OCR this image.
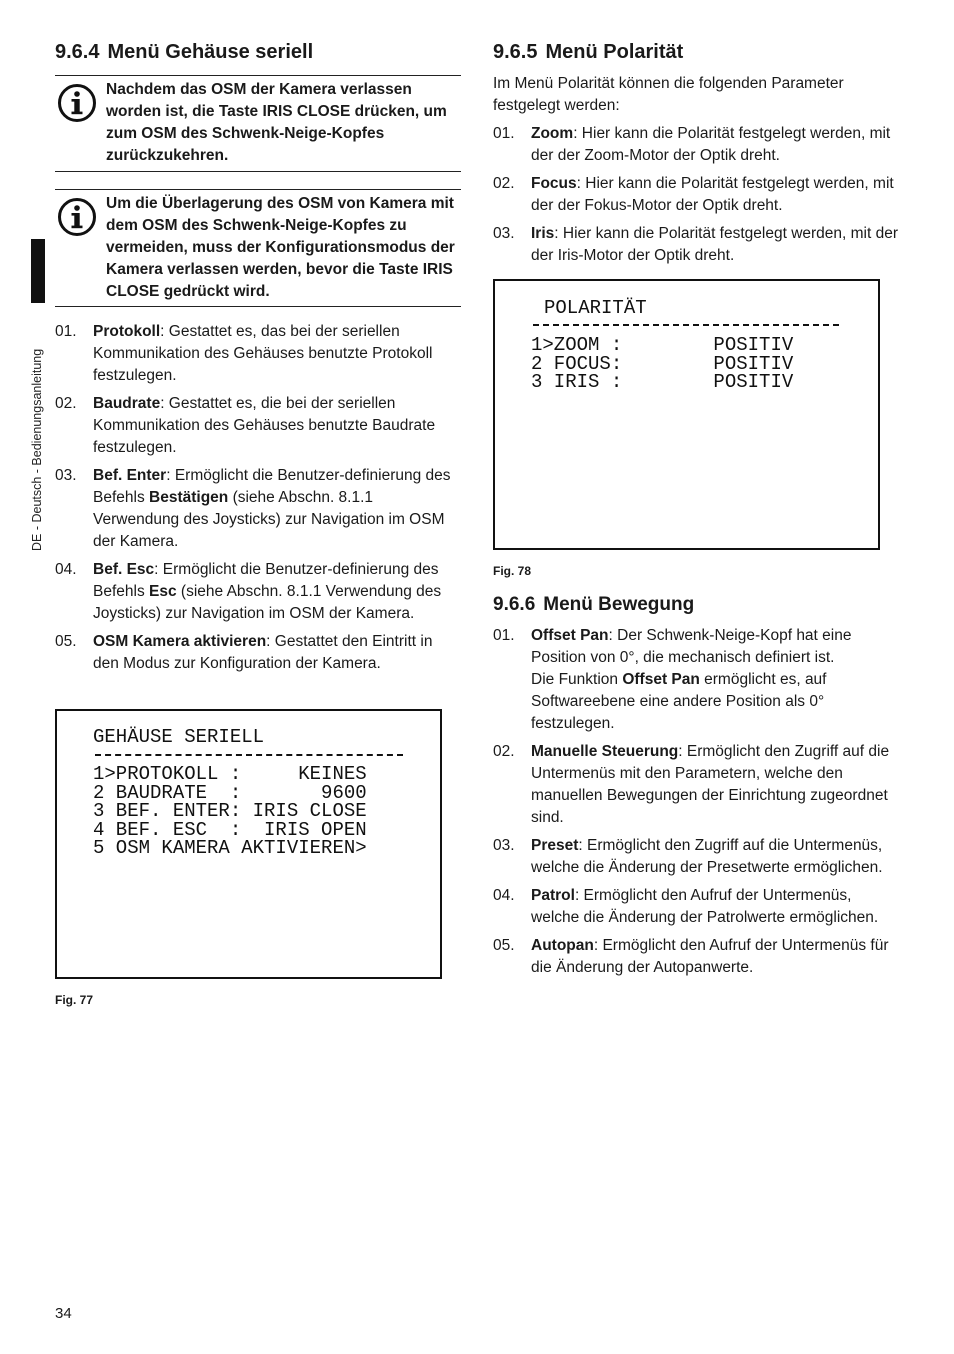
DE - Deutsch - Bedienungsanleitung
9.6.4 Menü Gehäuse seriell
Nachdem das OSM der Kamera verlassen worden ist, die Taste IRIS CLOSE drücken, um zum OSM des Schwenk-Neige-Kopfes zurückzukehren.
Um die Überlagerung des OSM von Kamera mit dem OSM des Schwenk-Neige-Kopfes zu vermeiden, muss der Konfigurationsmodus der Kamera verlassen werden, bevor die Taste IRIS CLOSE gedrückt wird.
01. Protokoll: Gestattet es, das bei der seriellen Kommunikation des Gehäuses benutzte Protokoll festzulegen.
02. Baudrate: Gestattet es, die bei der seriellen Kommunikation des Gehäuses benutzte Baudrate festzulegen.
03. Bef. Enter: Ermöglicht die Benutzer-definierung des Befehls Bestätigen (siehe Abschn. 8.1.1 Verwendung des Joysticks) zur Navigation im OSM der Kamera.
04. Bef. Esc: Ermöglicht die Benutzer-definierung des Befehls Esc (siehe Abschn. 8.1.1 Verwendung des Joysticks) zur Navigation im OSM der Kamera.
05. OSM Kamera aktivieren: Gestattet den Eintritt in den Modus zur Konfiguration der Kamera.
GEHÄUSE SERIELL
1>PROTOKOLL :     KEINES
2 BAUDRATE  :       9600
3 BEF. ENTER: IRIS CLOSE
4 BEF. ESC  :  IRIS OPEN
5 OSM KAMERA AKTIVIEREN>
Fig. 77
9.6.5 Menü Polarität

Im Menü Polarität können die folgenden Parameter festgelegt werden:

01. Zoom: Hier kann die Polarität festgelegt werden, mit der der Zoom-Motor der Optik dreht.
02. Focus: Hier kann die Polarität festgelegt werden, mit der der Fokus-Motor der Optik dreht.
03. Iris: Hier kann die Polarität festgelegt werden, mit der der Iris-Motor der Optik dreht.
POLARITÄT
1>ZOOM :        POSITIV
2 FOCUS:        POSITIV
3 IRIS :        POSITIV
Fig. 78
9.6.6 Menü Bewegung
01. Offset Pan: Der Schwenk-Neige-Kopf hat eine Position von 0°, die mechanisch definiert ist. Die Funktion Offset Pan ermöglicht es, auf Softwareebene eine andere Position als 0° festzulegen.
02. Manuelle Steuerung: Ermöglicht den Zugriff auf die Untermenüs mit den Parametern, welche den manuellen Bewegungen der Einrichtung zugeordnet sind.
03. Preset: Ermöglicht den Zugriff auf die Untermenüs, welche die Änderung der Presetwerte ermöglichen.
04. Patrol: Ermöglicht den Aufruf der Untermenüs, welche die Änderung der Patrolwerte ermöglichen.
05. Autopan: Ermöglicht den Aufruf der Untermenüs für die Änderung der Autopanwerte.
34
